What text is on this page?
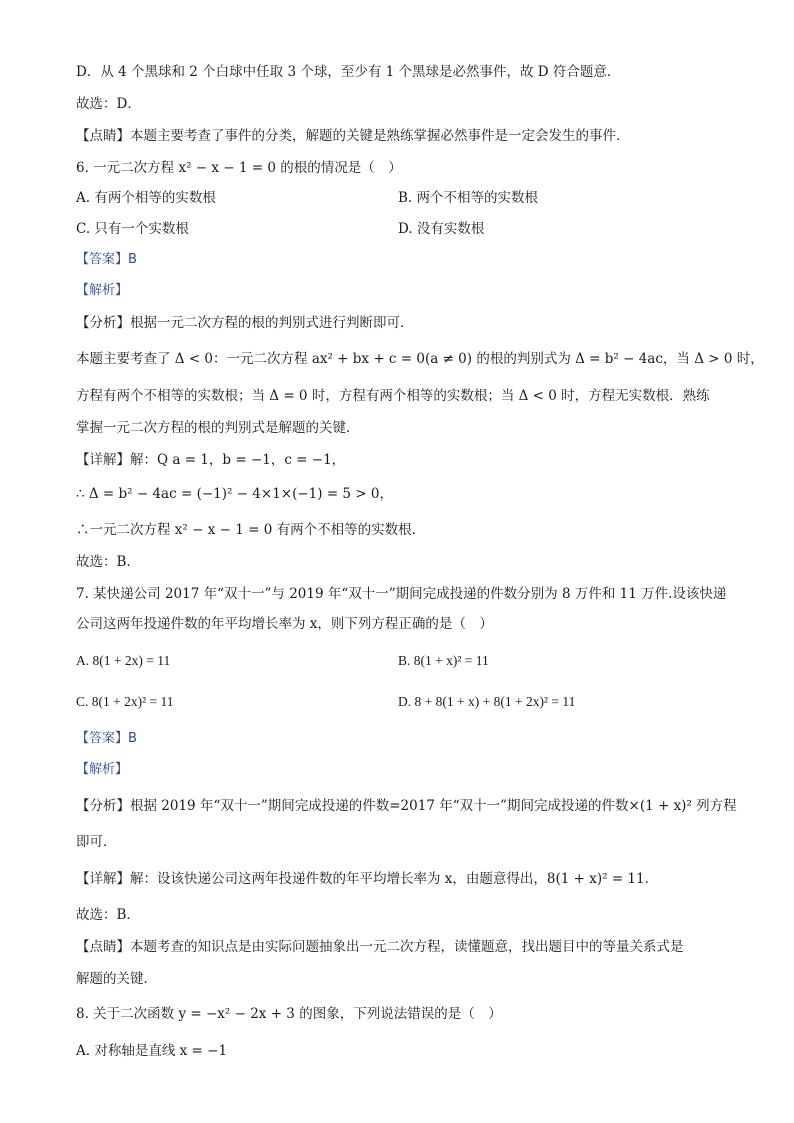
D．从 4 个黑球和 2 个白球中任取 3 个球，至少有 1 个黑球是必然事件，故 D 符合题意．
故选：D．
【点睛】本题主要考查了事件的分类，解题的关键是熟练掌握必然事件是一定会发生的事件．
6. 一元二次方程 x² − x − 1 = 0 的根的情况是（　）
A. 有两个相等的实数根	B. 两个不相等的实数根
C. 只有一个实数根	D. 没有实数根
【答案】B
【解析】
【分析】根据一元二次方程的根的判别式进行判断即可．
本题主要考查了 Δ < 0：一元二次方程 ax² + bx + c = 0(a ≠ 0) 的根的判别式为 Δ = b² − 4ac，当 Δ > 0 时，
方程有两个不相等的实数根；当 Δ = 0 时，方程有两个相等的实数根；当 Δ < 0 时，方程无实数根．熟练
掌握一元二次方程的根的判别式是解题的关键．
【详解】解：Q a = 1，b = −1，c = −1，
∴ Δ = b² − 4ac = (−1)² − 4×1×(−1) = 5 > 0，
∴一元二次方程 x² − x − 1 = 0 有两个不相等的实数根．
故选：B．
7. 某快递公司 2017 年“双十一”与 2019 年“双十一”期间完成投递的件数分别为 8 万件和 11 万件.设该快递
公司这两年投递件数的年平均增长率为 x，则下列方程正确的是（　）
A. 8(1 + 2x) = 11	B. 8(1 + x)² = 11
C. 8(1 + 2x)² = 11	D. 8 + 8(1 + x) + 8(1 + 2x)² = 11
【答案】B
【解析】
【分析】根据 2019 年“双十一”期间完成投递的件数=2017 年“双十一”期间完成投递的件数×(1 + x)² 列方程
即可．
【详解】解：设该快递公司这两年投递件数的年平均增长率为 x，由题意得出，8(1 + x)² = 11．
故选：B．
【点睛】本题考查的知识点是由实际问题抽象出一元二次方程，读懂题意，找出题目中的等量关系式是
解题的关键．
8. 关于二次函数 y = −x² − 2x + 3 的图象，下列说法错误的是（　）
A. 对称轴是直线 x = −1
